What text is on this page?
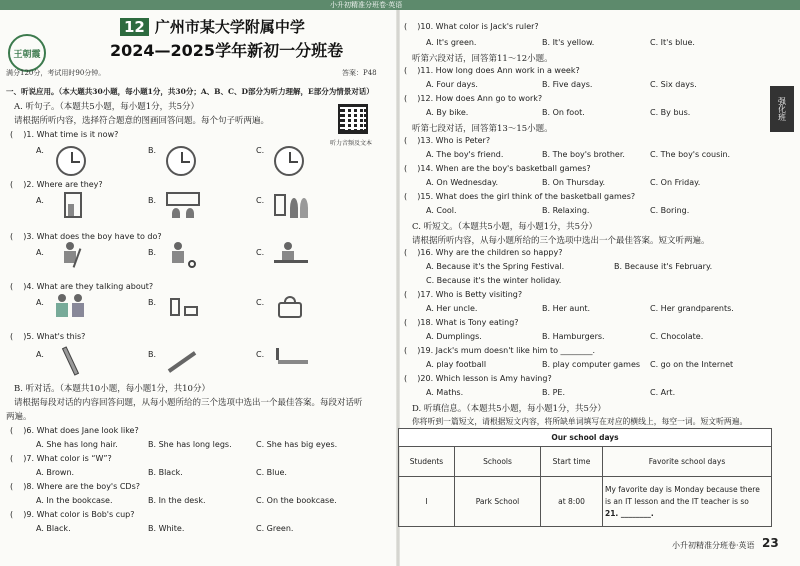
小升初精准分班卷·英语
王朝霞
12 广州市某大学附属中学
2024—2025学年新初一分班卷
满分120分，考试用时90分钟。	答案：P48
一、听说应用。（本大题共30小题，每小题1分，共30分；A、B、C、D部分为听力理解，E部分为情景对话）
A. 听句子。（本题共5小题，每小题1分，共5分）
请根据所听内容，选择符合题意的图画回答问题。每个句子听两遍。
听力音频及文本
( )1. What time is it now?
A.	B.	C.
( )2. Where are they?
A.	B.	C.
( )3. What does the boy have to do?
A.	B.	C.
( )4. What are they talking about?
A.	B.	C.
( )5. What's this?
A.	B.	C.
B. 听对话。（本题共10小题，每小题1分，共10分）
请根据每段对话的内容回答问题，从每小题所给的三个选项中选出一个最佳答案。每段对话听
两遍。
( )6. What does Jane look like?
A. She has long hair.	B. She has long legs.	C. She has big eyes.
( )7. What color is “W”?
A. Brown.	B. Black.	C. Blue.
( )8. Where are the boy's CDs?
A. In the bookcase.	B. In the desk.	C. On the bookcase.
( )9. What color is Bob's cup?
A. Black.	B. White.	C. Green.
( )10. What color is Jack's ruler?
A. It's green.	B. It's yellow.	C. It's blue.
听第六段对话，回答第11～12小题。
( )11. How long does Ann work in a week?
A. Four days.	B. Five days.	C. Six days.
( )12. How does Ann go to work?
A. By bike.	B. On foot.	C. By bus.
听第七段对话，回答第13～15小题。
( )13. Who is Peter?
A. The boy's friend.	B. The boy's brother.	C. The boy's cousin.
( )14. When are the boy's basketball games?
A. On Wednesday.	B. On Thursday.	C. On Friday.
( )15. What does the girl think of the basketball games?
A. Cool.	B. Relaxing.	C. Boring.
C. 听短文。（本题共5小题，每小题1分，共5分）
请根据所听内容，从每小题所给的三个选项中选出一个最佳答案。短文听两遍。
( )16. Why are the children so happy?
A. Because it's the Spring Festival.	B. Because it's February.
C. Because it's the winter holiday.
( )17. Who is Betty visiting?
A. Her uncle.	B. Her aunt.	C. Her grandparents.
( )18. What is Tony eating?
A. Dumplings.	B. Hamburgers.	C. Chocolate.
( )19. Jack's mum doesn't like him to ________.
A. play football	B. play computer games C. go on the Internet
( )20. Which lesson is Amy having?
A. Maths.	B. PE.	C. Art.
D. 听填信息。（本题共5小题，每小题1分，共5分）
你将听到一篇短文，请根据短文内容，将所缺单词填写在对应的横线上，每空一词。短文听两遍。
Our school days			
Students	Schools	Start time	Favorite school days
I	Park School	at 8:00	My favorite day is Monday because there
is an IT lesson and the IT teacher is so
21. ________.
强化班
小升初精准分班卷·英语 23
